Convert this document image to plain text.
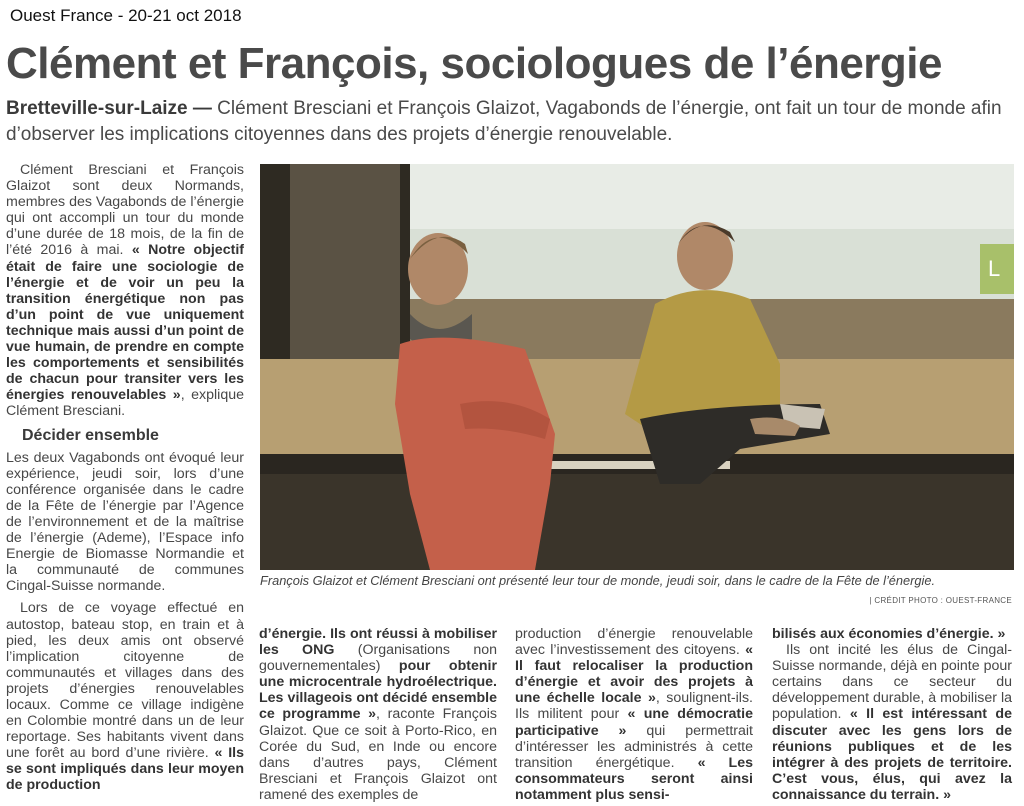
Ouest France - 20-21 oct 2018
Clément et François, sociologues de l’énergie
Bretteville-sur-Laize — Clément Bresciani et François Glaizot, Vagabonds de l’énergie, ont fait un tour de monde afin d’observer les implications citoyennes dans des projets d’énergie renouvelable.

Clément Bresciani et François Glaizot sont deux Normands, membres des Vagabonds de l’énergie qui ont accompli un tour du monde d’une durée de 18 mois, de la fin de l’été 2016 à mai. « Notre objectif était de faire une sociologie de l’énergie et de voir un peu la transition énergétique non pas d’un point de vue uniquement technique mais aussi d’un point de vue humain, de prendre en compte les comportements et sensibilités de chacun pour transiter vers les énergies renouvelables », explique Clément Bresciani.

Décider ensemble

Les deux Vagabonds ont évoqué leur expérience, jeudi soir, lors d’une conférence organisée dans le cadre de la Fête de l’énergie par l’Agence de l’environnement et de la maîtrise de l’énergie (Ademe), l’Espace info Energie de Biomasse Normandie et la communauté de communes Cingal-Suisse normande.

Lors de ce voyage effectué en autostop, bateau stop, en train et à pied, les deux amis ont observé l’implication citoyenne de communautés et villages dans des projets d’énergies renouvelables locaux. Comme ce village indigène en Colombie montré dans un de leur reportage. Ses habitants vivent dans une forêt au bord d’une rivière. « Ils se sont impliqués dans leur moyen de production

L
François Glaizot et Clément Bresciani ont présenté leur tour de monde, jeudi soir, dans le cadre de la Fête de l’énergie.
| CRÉDIT PHOTO : OUEST-FRANCE

d’énergie. Ils ont réussi à mobiliser les ONG (Organisations non gouvernementales) pour obtenir une microcentrale hydroélectrique. Les villageois ont décidé ensemble ce programme », raconte François Glaizot. Que ce soit à Porto-Rico, en Corée du Sud, en Inde ou encore dans d’autres pays, Clément Bresciani et François Glaizot ont ramené des exemples de

production d’énergie renouvelable avec l’investissement des citoyens. « Il faut relocaliser la production d’énergie et avoir des projets à une échelle locale », soulignent-ils. Ils militent pour « une démocratie participative » qui permettrait d’intéresser les administrés à cette transition énergétique. « Les consommateurs seront ainsi notamment plus sensi-

bilisés aux économies d’énergie. »

Ils ont incité les élus de Cingal-Suisse normande, déjà en pointe pour certains dans ce secteur du développement durable, à mobiliser la population. « Il est intéressant de discuter avec les gens lors de réunions publiques et de les intégrer à des projets de territoire. C’est vous, élus, qui avez la connaissance du terrain. »
